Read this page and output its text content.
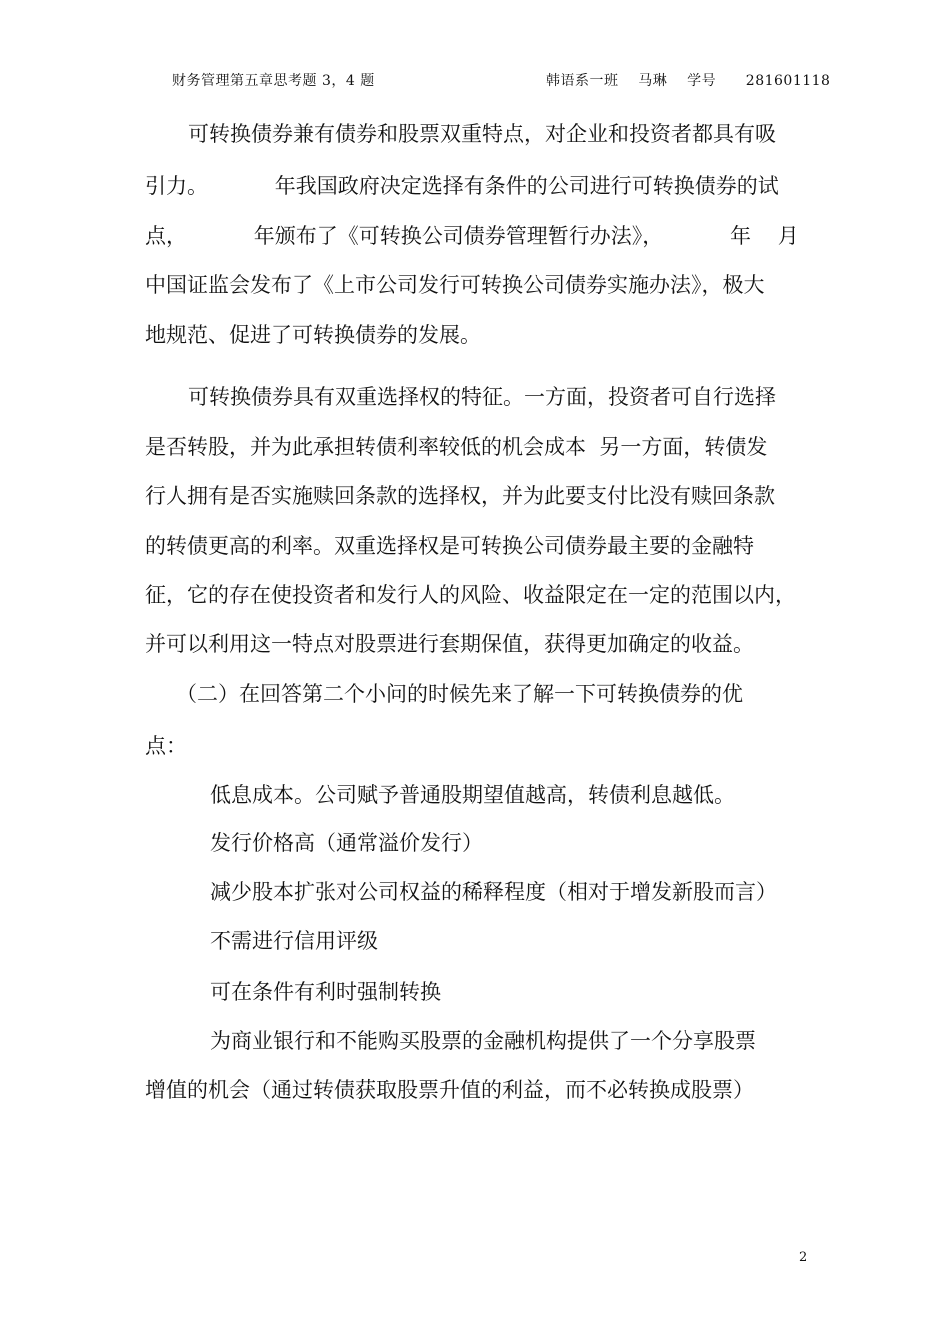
财务管理第五章思考题 3，4 题	韩语系一班    马琳    学号      281601118
可转换债券兼有债券和股票双重特点，对企业和投资者都具有吸
引力。          年我国政府决定选择有条件的公司进行可转换债券的试
点，          年颁布了《可转换公司债券管理暂行办法》，          年    月
中国证监会发布了《上市公司发行可转换公司债券实施办法》，极大
地规范、促进了可转换债券的发展。
可转换债券具有双重选择权的特征。一方面，投资者可自行选择
是否转股，并为此承担转债利率较低的机会成本  另一方面，转债发
行人拥有是否实施赎回条款的选择权，并为此要支付比没有赎回条款
的转债更高的利率。双重选择权是可转换公司债券最主要的金融特
征，它的存在使投资者和发行人的风险、收益限定在一定的范围以内，
并可以利用这一特点对股票进行套期保值，获得更加确定的收益。
（二）在回答第二个小问的时候先来了解一下可转换债券的优
点：
低息成本。公司赋予普通股期望值越高，转债利息越低。
发行价格高（通常溢价发行）
减少股本扩张对公司权益的稀释程度（相对于增发新股而言）
不需进行信用评级
可在条件有利时强制转换
为商业银行和不能购买股票的金融机构提供了一个分享股票
增值的机会（通过转债获取股票升值的利益，而不必转换成股票）
2
